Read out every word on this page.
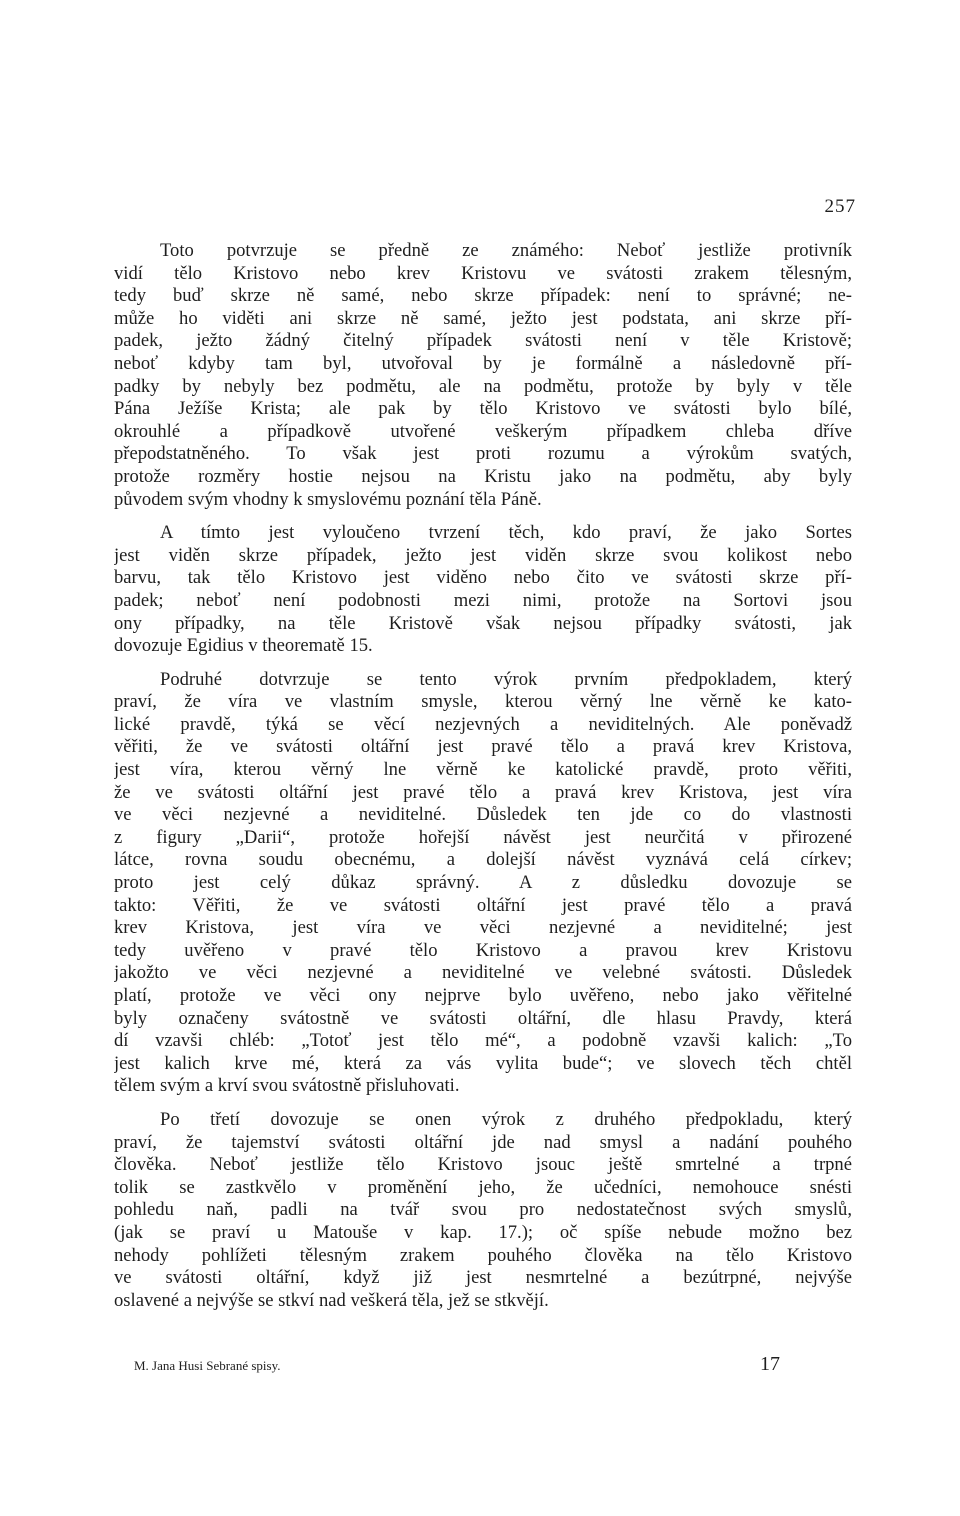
257
Toto potvrzuje se předně ze známého: Neboť jestliže protivník
vidí tělo Kristovo nebo krev Kristovu ve svátosti zrakem tělesným,
tedy buď skrze ně samé, nebo skrze případek: není to správné; ne-
může ho viděti ani skrze ně samé, ježto jest podstata, ani skrze pří-
padek, ježto žádný čitelný případek svátosti není v těle Kristově;
neboť kdyby tam byl, utvořoval by je formálně a následovně pří-
padky by nebyly bez podmětu, ale na podmětu, protože by byly v těle
Pána Ježíše Krista; ale pak by tělo Kristovo ve svátosti bylo bílé,
okrouhlé a případkově utvořené veškerým případkem chleba dříve
přepodstatněného. To však jest proti rozumu a výrokům svatých,
protože rozměry hostie nejsou na Kristu jako na podmětu, aby byly
původem svým vhodny k smyslovému poznání těla Páně.
A tímto jest vyloučeno tvrzení těch, kdo praví, že jako Sortes
jest viděn skrze případek, ježto jest viděn skrze svou kolikost nebo
barvu, tak tělo Kristovo jest viděno nebo čito ve svátosti skrze pří-
padek; neboť není podobnosti mezi nimi, protože na Sortovi jsou
ony případky, na těle Kristově však nejsou případky svátosti, jak
dovozuje Egidius v theorematě 15.
Podruhé dotvrzuje se tento výrok prvním předpokladem, který
praví, že víra ve vlastním smysle, kterou věrný lne věrně ke kato-
lické pravdě, týká se věcí nezjevných a neviditelných. Ale poněvadž
věřiti, že ve svátosti oltářní jest pravé tělo a pravá krev Kristova,
jest víra, kterou věrný lne věrně ke katolické pravdě, proto věřiti,
že ve svátosti oltářní jest pravé tělo a pravá krev Kristova, jest víra
ve věci nezjevné a neviditelné. Důsledek ten jde co do vlastnosti
z figury „Darii“, protože hořejší návěst jest neurčitá v přirozené
látce, rovna soudu obecnému, a dolejší návěst vyznává celá církev;
proto jest celý důkaz správný. A z důsledku dovozuje se
takto: Věřiti, že ve svátosti oltářní jest pravé tělo a pravá
krev Kristova, jest víra ve věci nezjevné a neviditelné; jest
tedy uvěřeno v pravé tělo Kristovo a pravou krev Kristovu
jakožto ve věci nezjevné a neviditelné ve velebné svátosti. Důsledek
platí, protože ve věci ony nejprve bylo uvěřeno, nebo jako věřitelné
byly označeny svátostně ve svátosti oltářní, dle hlasu Pravdy, která
dí vzavši chléb: „Totoť jest tělo mé“, a podobně vzavši kalich: „To
jest kalich krve mé, která za vás vylita bude“; ve slovech těch chtěl
tělem svým a krví svou svátostně přisluhovati.
Po třetí dovozuje se onen výrok z druhého předpokladu, který
praví, že tajemství svátosti oltářní jde nad smysl a nadání pouhého
člověka. Neboť jestliže tělo Kristovo jsouc ještě smrtelné a trpné
tolik se zastkvělo v proměnění jeho, že učedníci, nemohouce snésti
pohledu naň, padli na tvář svou pro nedostatečnost svých smyslů,
(jak se praví u Matouše v kap. 17.); oč spíše nebude možno bez
nehody pohlížeti tělesným zrakem pouhého člověka na tělo Kristovo
ve svátosti oltářní, když již jest nesmrtelné a bezútrpné, nejvýše
oslavené a nejvýše se stkví nad veškerá těla, jež se stkvějí.
M. Jana Husi Sebrané spisy.	17
